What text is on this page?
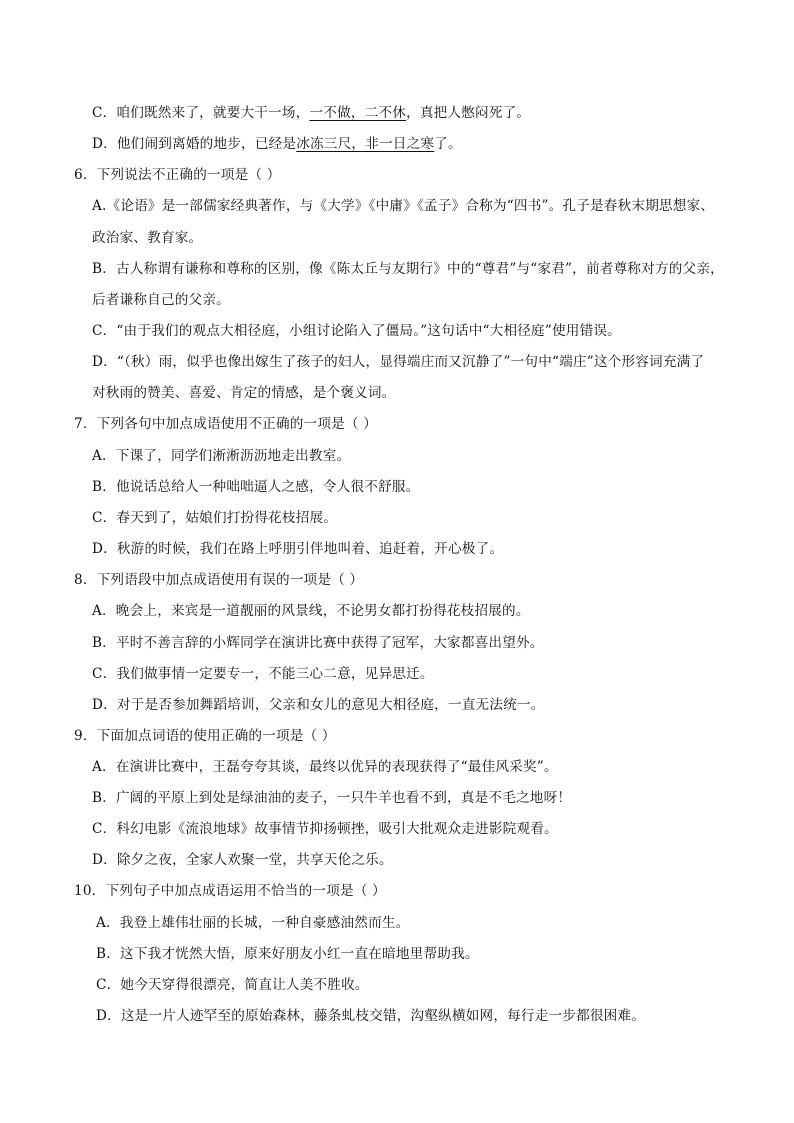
C．咱们既然来了，就要大干一场，一不做，二不休，真把人憋闷死了。
D．他们闹到离婚的地步，已经是冰冻三尺，非一日之寒了。
6．下列说法不正确的一项是（ ）
A.《论语》是一部儒家经典著作，与《大学》《中庸》《孟子》合称为“四书”。孔子是春秋末期思想家、
政治家、教育家。
B．古人称谓有谦称和尊称的区别，像《陈太丘与友期行》中的“尊君”与“家君”，前者尊称对方的父亲，
后者谦称自己的父亲。
C．“由于我们的观点大相径庭，小组讨论陷入了僵局。”这句话中“大相径庭”使用错误。
D．“（秋）雨，似乎也像出嫁生了孩子的妇人，显得端庄而又沉静了”一句中“端庄”这个形容词充满了
对秋雨的赞美、喜爱、肯定的情感，是个褒义词。
7．下列各句中加点成语使用不正确的一项是（ ）
A．下课了，同学们淅淅沥沥地走出教室。
B．他说话总给人一种咄咄逼人之感，令人很不舒服。
C．春天到了，姑娘们打扮得花枝招展。
D．秋游的时候，我们在路上呼朋引伴地叫着、追赶着，开心极了。
8．下列语段中加点成语使用有误的一项是（ ）
A．晚会上，来宾是一道靓丽的风景线，不论男女都打扮得花枝招展的。
B．平时不善言辞的小辉同学在演讲比赛中获得了冠军，大家都喜出望外。
C．我们做事情一定要专一，不能三心二意，见异思迁。
D．对于是否参加舞蹈培训，父亲和女儿的意见大相径庭，一直无法统一。
9．下面加点词语的使用正确的一项是（ ）
A．在演讲比赛中，王磊夸夸其谈，最终以优异的表现获得了“最佳风采奖”。
B．广阔的平原上到处是绿油油的麦子，一只牛羊也看不到，真是不毛之地呀！
C．科幻电影《流浪地球》故事情节抑扬顿挫，吸引大批观众走进影院观看。
D．除夕之夜，全家人欢聚一堂，共享天伦之乐。
10．下列句子中加点成语运用不恰当的一项是（ ）
A．我登上雄伟壮丽的长城，一种自豪感油然而生。
B．这下我才恍然大悟，原来好朋友小红一直在暗地里帮助我。
C．她今天穿得很漂亮，简直让人美不胜收。
D．这是一片人迹罕至的原始森林，藤条虬枝交错，沟壑纵横如网，每行走一步都很困难。
